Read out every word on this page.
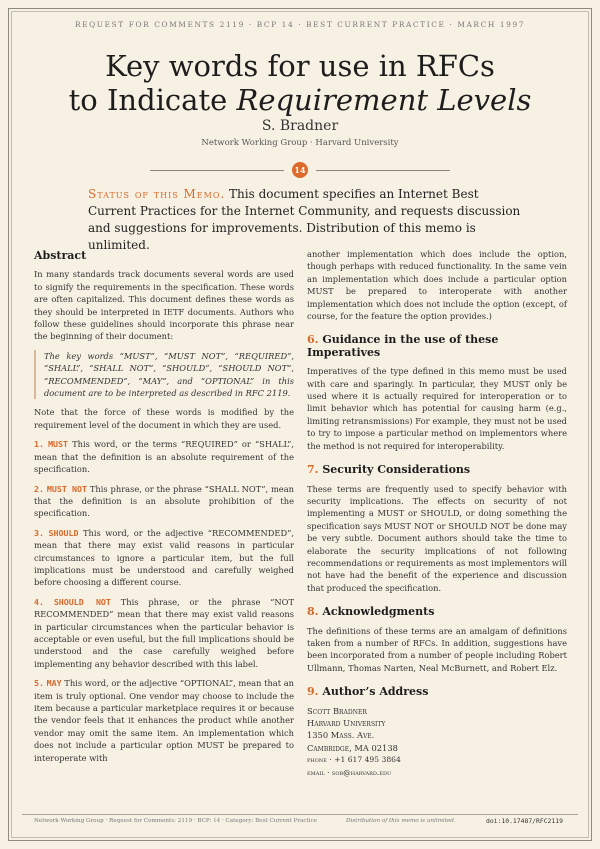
REQUEST FOR COMMENTS 2119 · BCP 14 · BEST CURRENT PRACTICE · MARCH 1997
Key words for use in RFCs
to Indicate Requirement Levels
S. Bradner
Network Working Group · Harvard University
14
Status of this Memo. This document specifies an Internet Best Current Practices for the Internet Community, and requests discussion and suggestions for improvements. Distribution of this memo is unlimited.
Abstract

In many standards track documents several words are used to signify the requirements in the specification. These words are often capitalized. This document defines these words as they should be interpreted in IETF documents. Authors who follow these guidelines should incorporate this phrase near the beginning of their document:

The key words “MUST”, “MUST NOT”, “REQUIRED”, “SHALL”, “SHALL NOT”, “SHOULD”, “SHOULD NOT”, “RECOMMENDED”, “MAY”, and “OPTIONAL” in this document are to be interpreted as described in RFC 2119.

Note that the force of these words is modified by the requirement level of the document in which they are used.

1. MUST This word, or the terms “REQUIRED” or “SHALL”, mean that the definition is an absolute requirement of the specification.

2. MUST NOT This phrase, or the phrase “SHALL NOT”, mean that the definition is an absolute prohibition of the specification.

3. SHOULD This word, or the adjective “RECOMMENDED”, mean that there may exist valid reasons in particular circumstances to ignore a particular item, but the full implications must be understood and carefully weighed before choosing a different course.

4. SHOULD NOT This phrase, or the phrase “NOT RECOMMENDED” mean that there may exist valid reasons in particular circumstances when the particular behavior is acceptable or even useful, but the full implications should be understood and the case carefully weighed before implementing any behavior described with this label.

5. MAY This word, or the adjective “OPTIONAL”, mean that an item is truly optional. One vendor may choose to include the item because a particular marketplace requires it or because the vendor feels that it enhances the product while another vendor may omit the same item. An implementation which does not include a particular option MUST be prepared to interoperate with

another implementation which does include the option, though perhaps with reduced functionality. In the same vein an implementation which does include a particular option MUST be prepared to interoperate with another implementation which does not include the option (except, of course, for the feature the option provides.)

6. Guidance in the use of these Imperatives

Imperatives of the type defined in this memo must be used with care and sparingly. In particular, they MUST only be used where it is actually required for interoperation or to limit behavior which has potential for causing harm (e.g., limiting retransmissions) For example, they must not be used to try to impose a particular method on implementors where the method is not required for interoperability.

7. Security Considerations

These terms are frequently used to specify behavior with security implications. The effects on security of not implementing a MUST or SHOULD, or doing something the specification says MUST NOT or SHOULD NOT be done may be very subtle. Document authors should take the time to elaborate the security implications of not following recommendations or requirements as most implementors will not have had the benefit of the experience and discussion that produced the specification.

8. Acknowledgments

The definitions of these terms are an amalgam of definitions taken from a number of RFCs. In addition, suggestions have been incorporated from a number of people including Robert Ullmann, Thomas Narten, Neal McBurnett, and Robert Elz.

9. Author’s Address
Scott Bradner
Harvard University
1350 Mass. Ave.
Cambridge, MA 02138
phone · +1 617 495 3864
email · sob@harvard.edu
Network Working Group · Request for Comments: 2119 · BCP: 14 · Category: Best Current Practice	Distribution of this memo is unlimited.	doi:10.17487/RFC2119
